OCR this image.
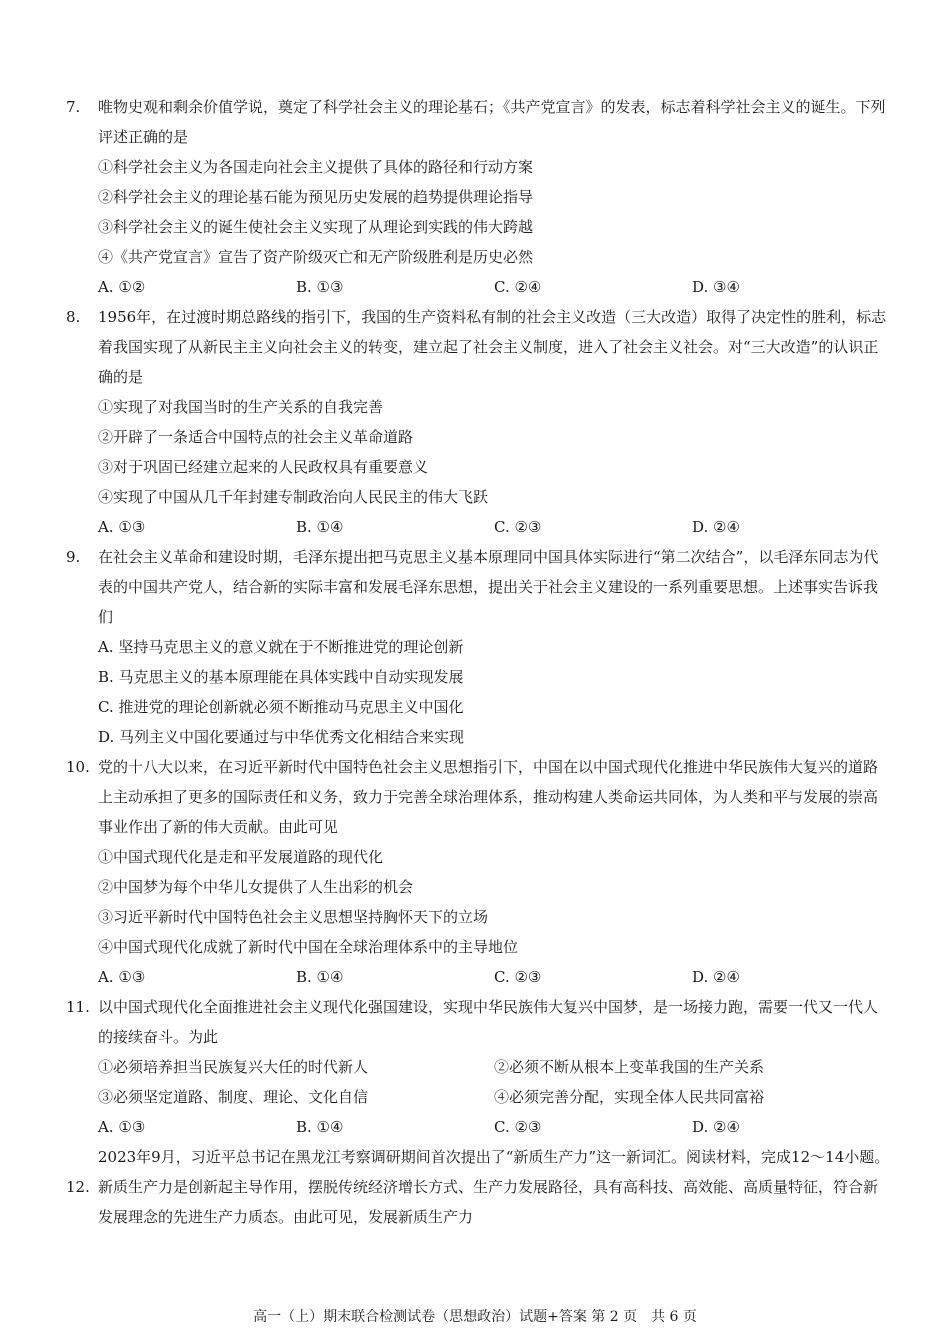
7. 唯物史观和剩余价值学说，奠定了科学社会主义的理论基石；《共产党宣言》的发表，标志着科学社会主义的诞生。下列评述正确的是
①科学社会主义为各国走向社会主义提供了具体的路径和行动方案
②科学社会主义的理论基石能为预见历史发展的趋势提供理论指导
③科学社会主义的诞生使社会主义实现了从理论到实践的伟大跨越
④《共产党宣言》宣告了资产阶级灭亡和无产阶级胜利是历史必然
A. ①②	B. ①③	C. ②④	D. ③④
8. 1956年，在过渡时期总路线的指引下，我国的生产资料私有制的社会主义改造（三大改造）取得了决定性的胜利，标志着我国实现了从新民主主义向社会主义的转变，建立起了社会主义制度，进入了社会主义社会。对“三大改造”的认识正确的是
①实现了对我国当时的生产关系的自我完善
②开辟了一条适合中国特点的社会主义革命道路
③对于巩固已经建立起来的人民政权具有重要意义
④实现了中国从几千年封建专制政治向人民民主的伟大飞跃
A. ①③	B. ①④	C. ②③	D. ②④
9. 在社会主义革命和建设时期，毛泽东提出把马克思主义基本原理同中国具体实际进行“第二次结合”，以毛泽东同志为代表的中国共产党人，结合新的实际丰富和发展毛泽东思想，提出关于社会主义建设的一系列重要思想。上述事实告诉我们
A. 坚持马克思主义的意义就在于不断推进党的理论创新
B. 马克思主义的基本原理能在具体实践中自动实现发展
C. 推进党的理论创新就必须不断推动马克思主义中国化
D. 马列主义中国化要通过与中华优秀文化相结合来实现
10. 党的十八大以来，在习近平新时代中国特色社会主义思想指引下，中国在以中国式现代化推进中华民族伟大复兴的道路上主动承担了更多的国际责任和义务，致力于完善全球治理体系，推动构建人类命运共同体，为人类和平与发展的崇高事业作出了新的伟大贡献。由此可见
①中国式现代化是走和平发展道路的现代化
②中国梦为每个中华儿女提供了人生出彩的机会
③习近平新时代中国特色社会主义思想坚持胸怀天下的立场
④中国式现代化成就了新时代中国在全球治理体系中的主导地位
A. ①③	B. ①④	C. ②③	D. ②④
11. 以中国式现代化全面推进社会主义现代化强国建设，实现中华民族伟大复兴中国梦，是一场接力跑，需要一代又一代人的接续奋斗。为此
①必须培养担当民族复兴大任的时代新人	②必须不断从根本上变革我国的生产关系
③必须坚定道路、制度、理论、文化自信	④必须完善分配，实现全体人民共同富裕
A. ①③	B. ①④	C. ②③	D. ②④
2023年9月，习近平总书记在黑龙江考察调研期间首次提出了“新质生产力”这一新词汇。阅读材料，完成12～14小题。
12. 新质生产力是创新起主导作用，摆脱传统经济增长方式、生产力发展路径，具有高科技、高效能、高质量特征，符合新发展理念的先进生产力质态。由此可见，发展新质生产力
高一（上）期末联合检测试卷（思想政治）试题+答案 第 2 页　共 6 页
